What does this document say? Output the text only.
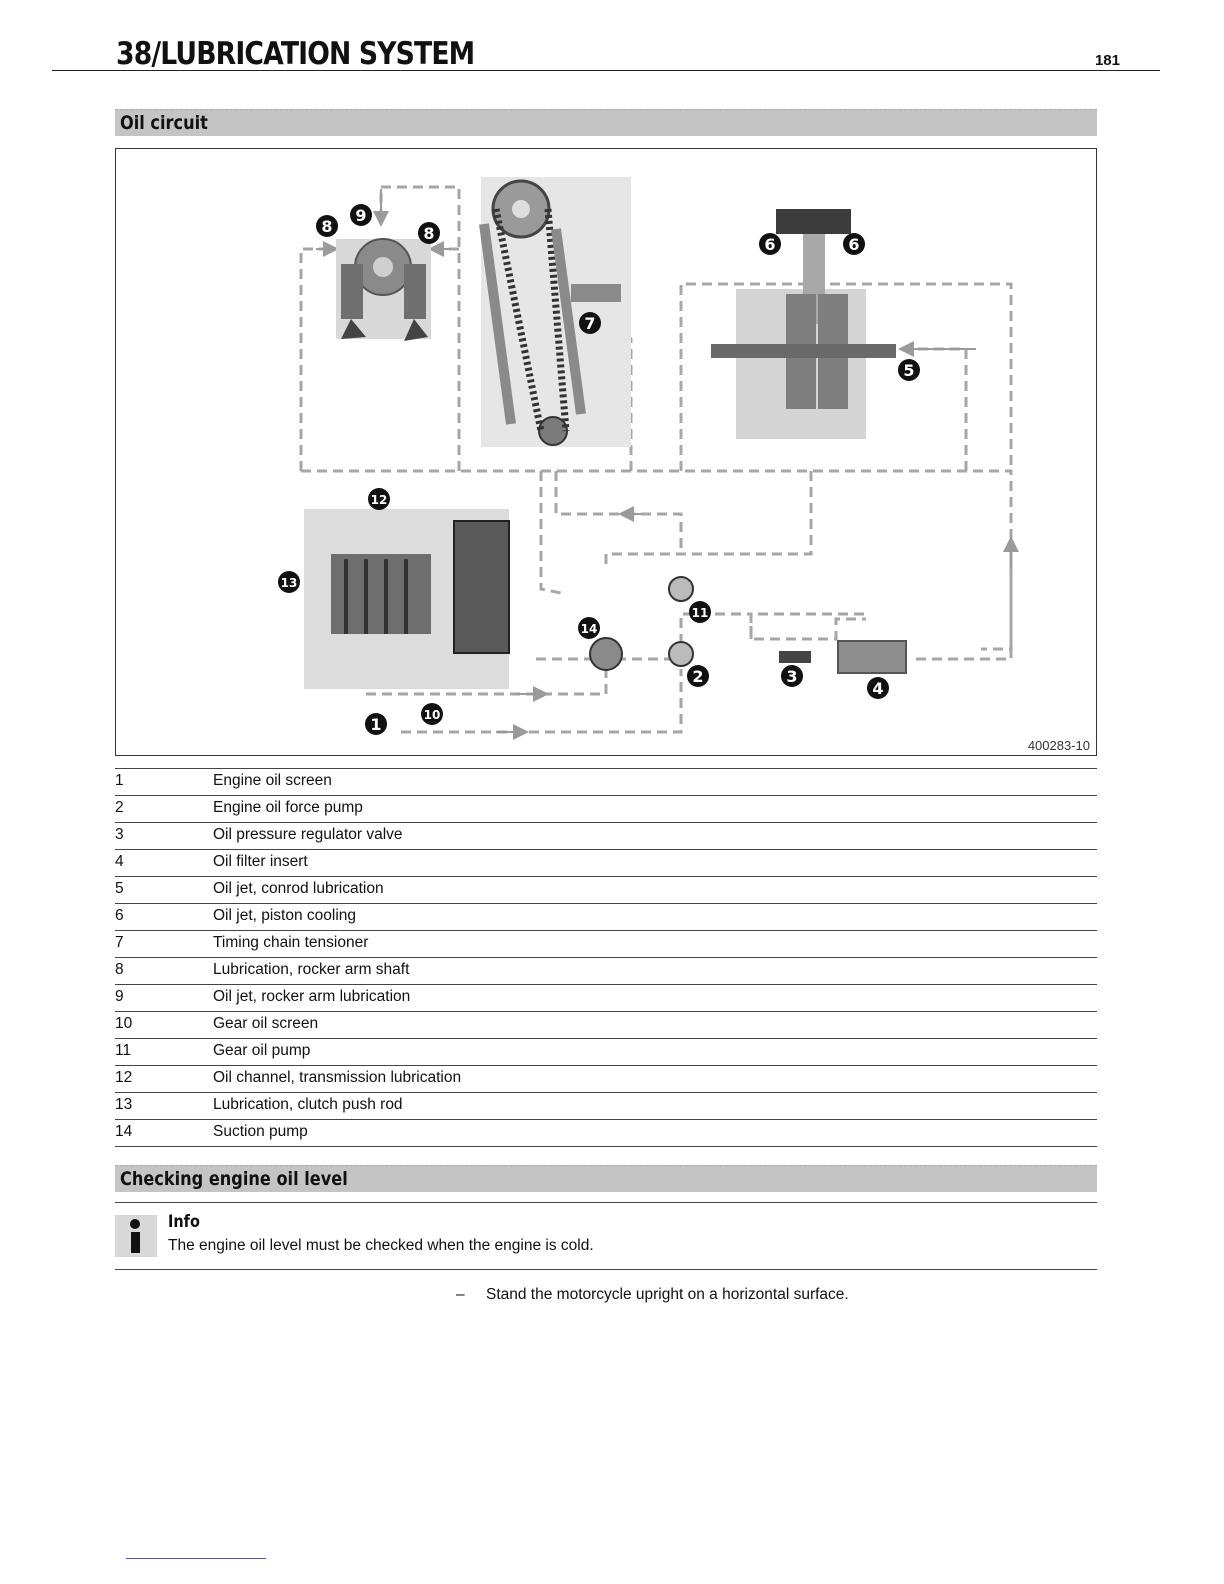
38/LUBRICATION SYSTEM	181
Oil circuit
1
2	3
4
5
6	6
7
8	8
9
10
11
12
13
14
400283-10
1	Engine oil screen
2	Engine oil force pump
3	Oil pressure regulator valve
4	Oil filter insert
5	Oil jet, conrod lubrication
6	Oil jet, piston cooling
7	Timing chain tensioner
8	Lubrication, rocker arm shaft
9	Oil jet, rocker arm lubrication
10	Gear oil screen
11	Gear oil pump
12	Oil channel, transmission lubrication
13	Lubrication, clutch push rod
14	Suction pump
Checking engine oil level
Info
The engine oil level must be checked when the engine is cold.
– Stand the motorcycle upright on a horizontal surface.
